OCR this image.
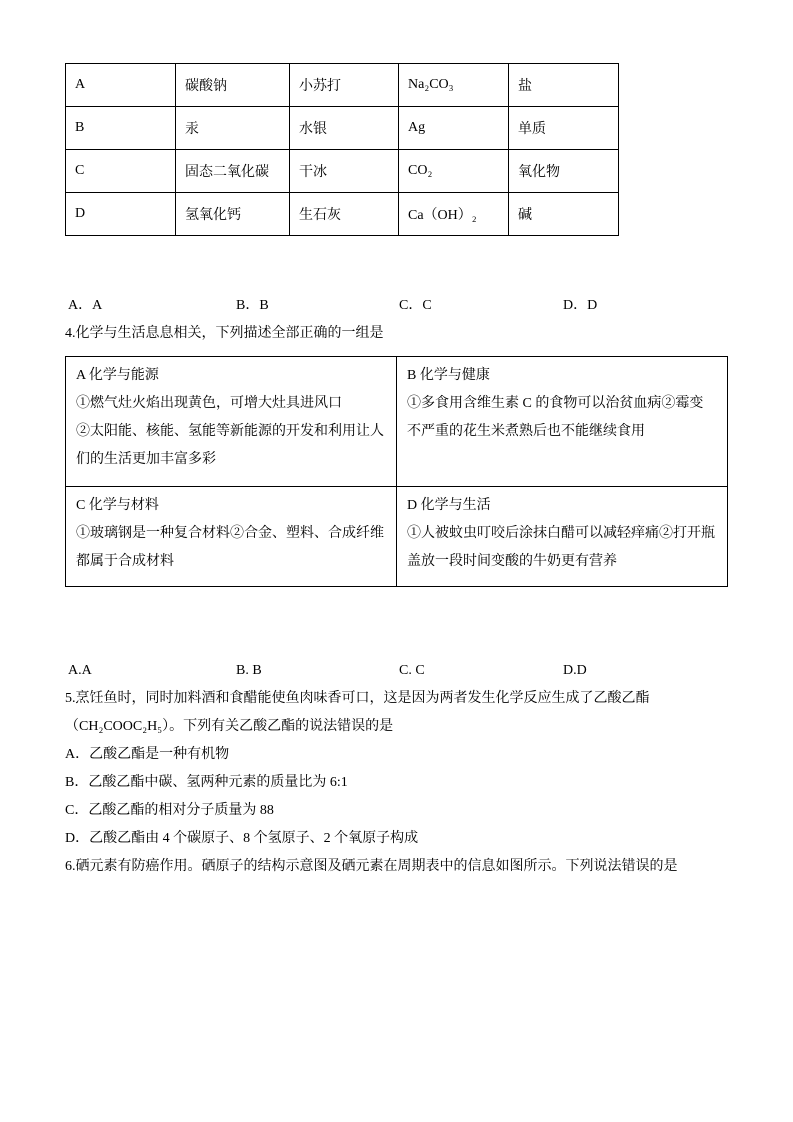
A	碳酸钠	小苏打	Na₂CO₃	盐
B	汞	水银	Ag	单质
C	固态二氧化碳	干冰	CO₂	氧化物
D	氢氧化钙	生石灰	Ca（OH）₂	碱
A．A	B．B	C．C	D．D
4.化学与生活息息相关，下列描述全部正确的一组是
A 化学与能源
①燃气灶火焰出现黄色，可增大灶具进风口
②太阳能、核能、氢能等新能源的开发和利用让人们的生活更加丰富多彩

B 化学与健康
①多食用含维生素 C 的食物可以治贫血病②霉变不严重的花生米煮熟后也不能继续食用

C 化学与材料
①玻璃钢是一种复合材料②合金、塑料、合成纤维都属于合成材料

D 化学与生活
①人被蚊虫叮咬后涂抹白醋可以减轻痒痛②打开瓶盖放一段时间变酸的牛奶更有营养
A.A	B. B	C. C	D.D
5.烹饪鱼时，同时加料酒和食醋能使鱼肉味香可口，这是因为两者发生化学反应生成了乙酸乙酯
（CH₂COOC₂H₅）。下列有关乙酸乙酯的说法错误的是
A．乙酸乙酯是一种有机物
B．乙酸乙酯中碳、氢两种元素的质量比为 6:1
C．乙酸乙酯的相对分子质量为 88
D．乙酸乙酯由 4 个碳原子、8 个氢原子、2 个氧原子构成
6.硒元素有防癌作用。硒原子的结构示意图及硒元素在周期表中的信息如图所示。下列说法错误的是
